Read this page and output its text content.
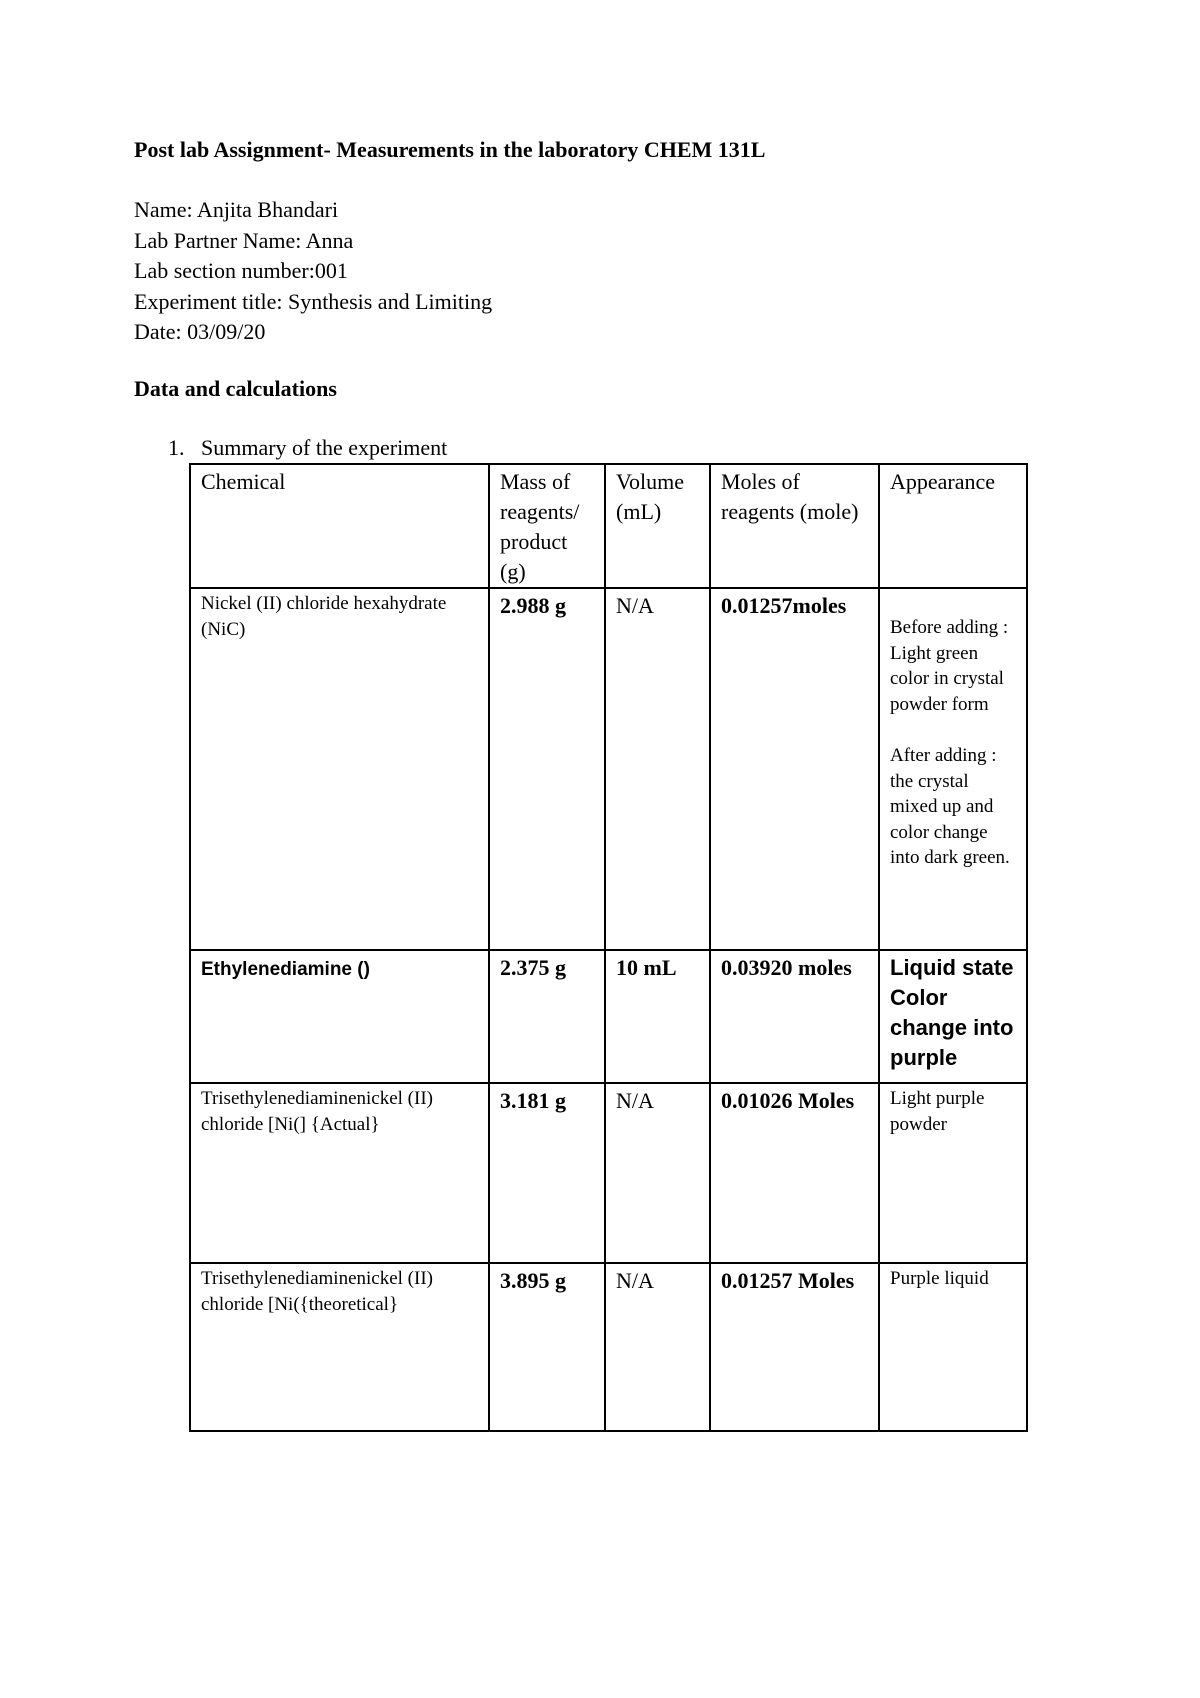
Post lab Assignment- Measurements in the laboratory CHEM 131L
Name: Anjita Bhandari
Lab Partner Name: Anna
Lab section number:001
Experiment title: Synthesis and Limiting
Date: 03/09/20
Data and calculations
1. Summary of the experiment
Chemical	Mass of reagents/ product (g)	Volume (mL)	Moles of reagents (mole)	Appearance
Nickel (II) chloride hexahydrate (NiC)	2.988 g	N/A	0.01257moles	Before adding : Light green color in crystal powder form
After adding : the crystal mixed up and color change into dark green.

Ethylenediamine ()	2.375 g	10 mL	0.03920 moles	Liquid state Color change into purple
Trisethylenediaminenickel (II) chloride [Ni(] {Actual}	3.181 g	N/A	0.01026 Moles	Light purple powder
Trisethylenediaminenickel (II) chloride [Ni({theoretical}	3.895 g	N/A	0.01257 Moles	Purple liquid
